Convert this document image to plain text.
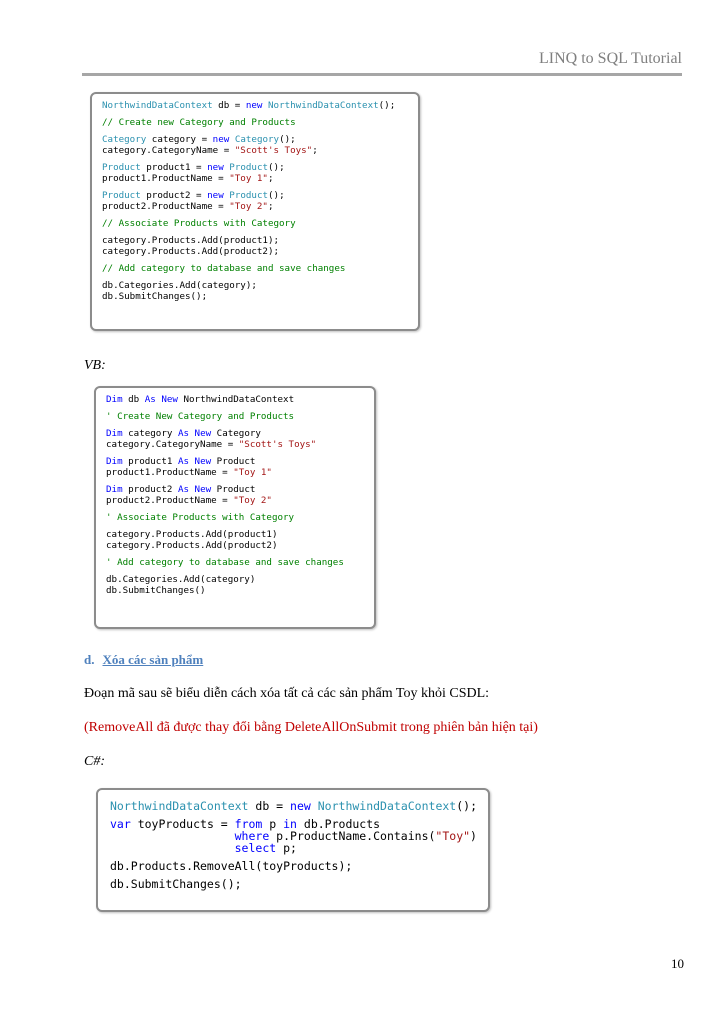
LINQ to SQL Tutorial
NorthwindDataContext db = new NorthwindDataContext();
// Create new Category and Products
Category category = new Category();
category.CategoryName = "Scott's Toys";
Product product1 = new Product();
product1.ProductName = "Toy 1";
Product product2 = new Product();
product2.ProductName = "Toy 2";
// Associate Products with Category
category.Products.Add(product1);
category.Products.Add(product2);
// Add category to database and save changes
db.Categories.Add(category);
db.SubmitChanges();
VB:
Dim db As New NorthwindDataContext
' Create New Category and Products
Dim category As New Category
category.CategoryName = "Scott's Toys"
Dim product1 As New Product
product1.ProductName = "Toy 1"
Dim product2 As New Product
product2.ProductName = "Toy 2"
' Associate Products with Category
category.Products.Add(product1)
category.Products.Add(product2)
' Add category to database and save changes
db.Categories.Add(category)
db.SubmitChanges()
d. Xóa các sản phẩm
Đoạn mã sau sẽ biểu diễn cách xóa tất cả các sản phẩm Toy khỏi CSDL:
(RemoveAll đã được thay đổi bằng DeleteAllOnSubmit trong phiên bản hiện tại)
C#:
NorthwindDataContext db = new NorthwindDataContext();
var toyProducts = from p in db.Products
where p.ProductName.Contains("Toy")
select p;
db.Products.RemoveAll(toyProducts);
db.SubmitChanges();
10
